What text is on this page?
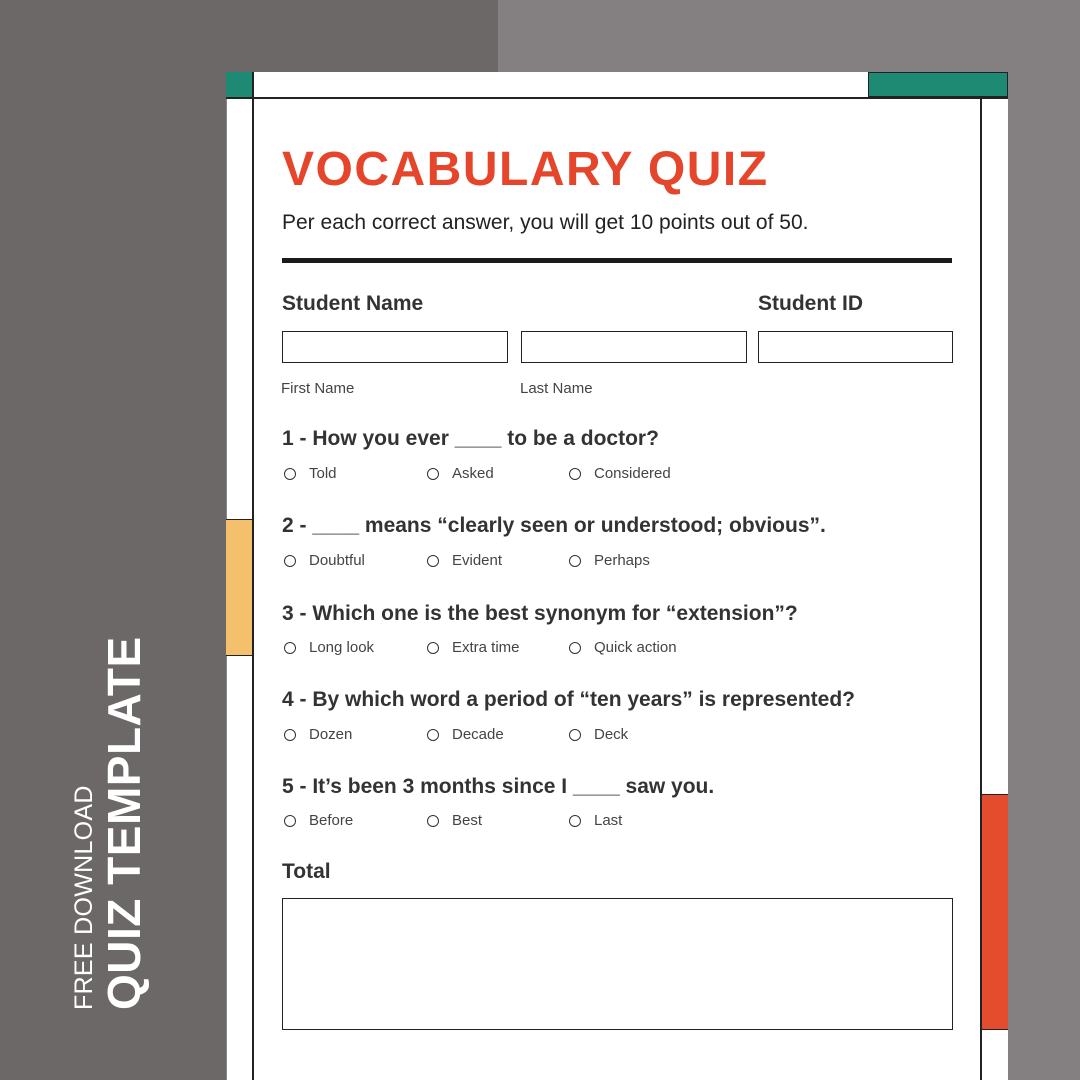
FREE DOWNLOAD QUIZ TEMPLATE
VOCABULARY QUIZ
Per each correct answer, you will get 10 points out of 50.
Student Name	Student ID
First Name	Last Name
1 - How you ever ____ to be a doctor?
Told	Asked	Considered
2 - ____ means “clearly seen or understood; obvious”.
Doubtful	Evident	Perhaps
3 - Which one is the best synonym for “extension”?
Long look	Extra time	Quick action
4 - By which word a period of “ten years” is represented?
Dozen	Decade	Deck
5 - It’s been 3 months since I ____ saw you.
Before	Best	Last
Total
